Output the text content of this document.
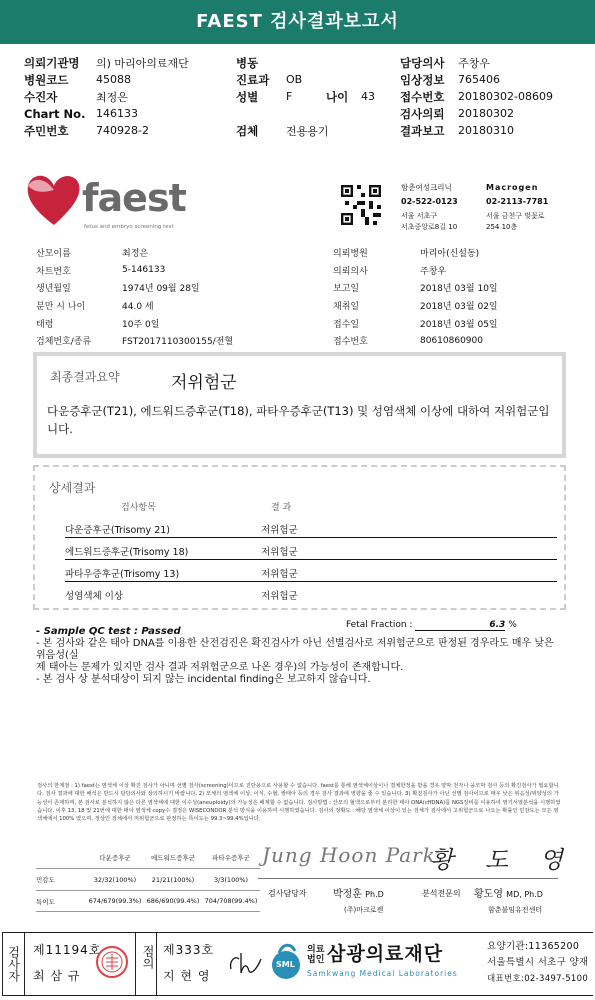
FAEST 검사결과보고서
의뢰기관명	의) 마리아의료재단
병원코드	45088
수진자	최정은
Chart No. 146133
주민번호	740928-2
병동
진료과	OB
성별	F	나이	43
검체	전용용기
담당의사	주창우
임상정보	765406
접수번호	20180302-08609
검사의뢰	20180302
결과보고	20180310
faest
fetus and embryo screening test
함춘여성크리닉
02-522-0123
서울 서초구
서초중앙로8길 10
Macrogen
02-2113-7781
서울 금천구 벚꽃로
254 10층
산모이름	최정은
차트번호	5-146133
생년월일	1974년 09월 28일
분만 시 나이	44.0 세
태령	10주 0일
검체번호/종류	FST2017110300155/전혈
의뢰병원	마리아(신설동)
의뢰의사	주창우
보고일	2018년 03월 10일
채취일	2018년 03월 02일
접수일	2018년 03월 05일
접수번호	80610860900
최종결과요약	저위험군
다운증후군(T21), 에드워드증후군(T18), 파타우증후군(T13) 및 성염색체 이상에 대하여 저위험군입니다.
상세결과
검사항목	결 과
다운증후군(Trisomy 21)	저위험군
에드워드증후군(Trisomy 18)	저위험군
파타우증후군(Trisomy 13)	저위험군
성염색체 이상	저위험군
Fetal Fraction :	6.3 %
- Sample QC test : Passed
- 본 검사와 같은 태아 DNA를 이용한 산전검진은 확진검사가 아닌 선별검사로 저위험군으로 판정된 경우라도 매우 낮은 위음성(실
제 태아는 문제가 있지만 검사 결과 저위험군으로 나온 경우)의 가능성이 존재합니다.
- 본 검사 상 분석대상이 되지 않는 incidental finding은 보고하지 않습니다.
검사의 한계점 : 1) faest는 염색체 이상 확진 검사가 아니며 선별 검사(screening)이므로 진단용으로 사용할 수 없습니다. faest를 통해 염색체이상이나 결체한정을 받을 경우 양막 천자나 융모막 검사 등의 확진검사가 필요합니다. 검사 결과에 대한 해석은 반드시 담당의사와 상의하시기 바랍니다. 2) 모체의 염색체 이상, 이식, 수혈, 쌍태아 등의 경우 검사 결과에 영향을 줄 수 있습니다. 3) 확진검사가 아닌 선별 검사이므로 매우 낮은 위음성/위양성의 가능성이 존재하며, 본 검사로 분석하지 않은 다른 염색체에 대한 이수성(aneuploidy)의 가능성은 배제할 수 없습니다. 검사방법 : 산모의 혈액으로부터 분리한 태아 DNA(cffDNA)를 NGS장비를 이용하여 염기서열분석을 시행하였습니다. 이후 13, 18 및 21번에 대한 태아 염색체 copy수 결정은 WISECONDOR 분석 방식을 이용하여 시행하였습니다. 검사의 정확도 : 해당 염색체 이상이 있는 검체가 검사에서 고위험군으로 나오는 확률인 민감도는 모든 염색체에서 100% 였으며, 정상인 검체에서 저위험군으로 판정하는 특이도는 99.3~99.4%입니다.
다운증후군	에드워드증후군	파타우증후군
민감도	32/32(100%)	21/21(100%)	3/3(100%)
특이도	674/679(99.3%) 686/690(99.4%) 704/708(99.4%)
Jung Hoon Park
황 도 영
검사담당자	박정훈 Ph.D
(주)마크로젠
분석전문의 황도영 MD, Ph.D
함춘불임유전센터
검사자 제11194호
최 삼 규
점의 제333호
지 현 영
SML
의료
법인 삼광의료재단
Samkwang Medical Laboratories
요양기관:11365200
서울특별시 서초구 양재
대표번호:02-3497-5100
